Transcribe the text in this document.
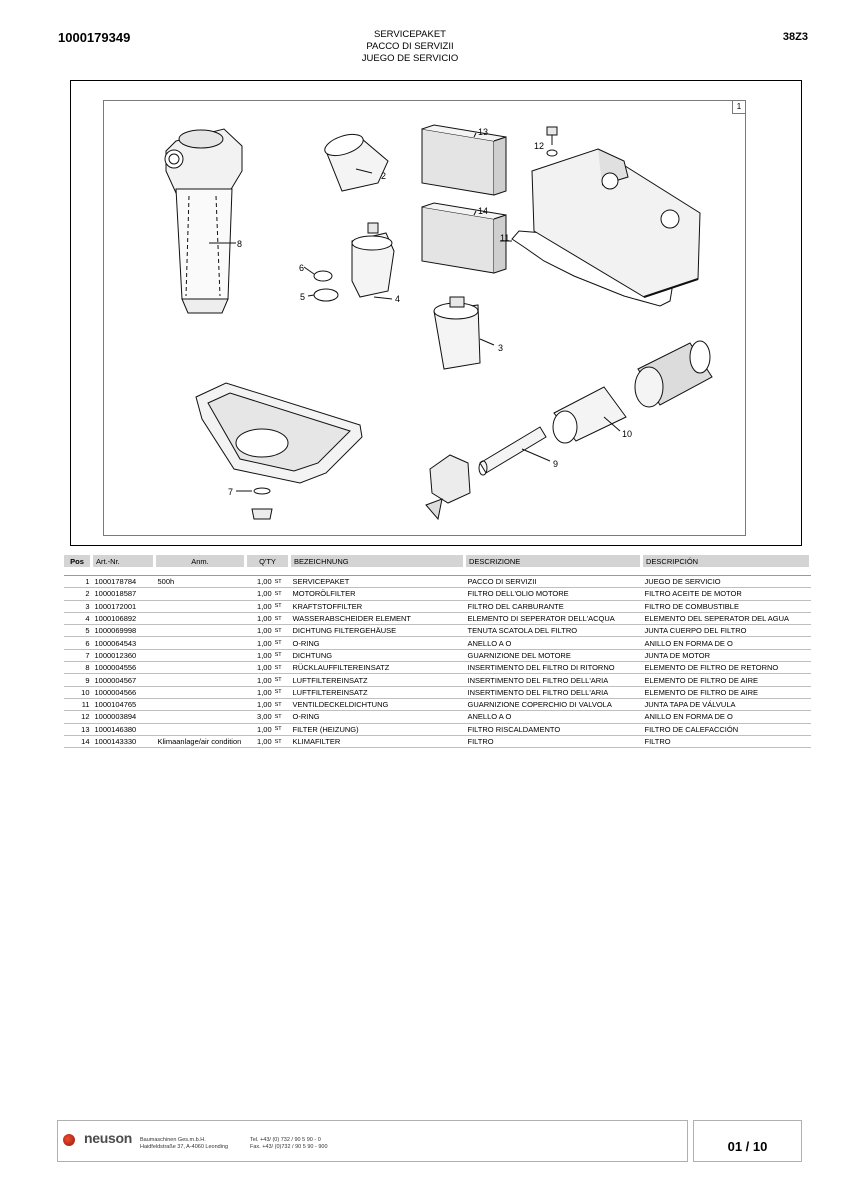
1000179349	SERVICEPAKET
PACCO DI SERVIZII
JUEGO DE SERVICIO
38Z3
1
8
2
3
4
5
6
7
9
10
11
12
13
14
Pos	Art.-Nr.	Anm.	Q'TY		BEZEICHNUNG	DESCRIZIONE	DESCRIPCIÓN

1	1000178784	500h	1,00	ST	SERVICEPAKET	PACCO DI SERVIZII	JUEGO DE SERVICIO
2	1000018587		1,00	ST	MOTORÖLFILTER	FILTRO DELL'OLIO MOTORE	FILTRO ACEITE DE MOTOR
3	1000172001		1,00	ST	KRAFTSTOFFILTER	FILTRO DEL CARBURANTE	FILTRO DE COMBUSTIBLE
4	1000106892		1,00	ST	WASSERABSCHEIDER ELEMENT	ELEMENTO DI SEPERATOR DELL'ACQUA	ELEMENTO DEL SEPERATOR DEL AGUA
5	1000069998		1,00	ST	DICHTUNG FILTERGEHÄUSE	TENUTA SCATOLA DEL FILTRO	JUNTA CUERPO DEL FILTRO
6	1000064543		1,00	ST	O-RING	ANELLO A O	ANILLO EN FORMA DE O
7	1000012360		1,00	ST	DICHTUNG	GUARNIZIONE DEL MOTORE	JUNTA DE MOTOR
8	1000004556		1,00	ST	RÜCKLAUFFILTEREINSATZ	INSERTIMENTO DEL FILTRO DI RITORNO	ELEMENTO DE FILTRO DE RETORNO
9	1000004567		1,00	ST	LUFTFILTEREINSATZ	INSERTIMENTO DEL FILTRO DELL'ARIA	ELEMENTO DE FILTRO DE AIRE
10	1000004566		1,00	ST	LUFTFILTEREINSATZ	INSERTIMENTO DEL FILTRO DELL'ARIA	ELEMENTO DE FILTRO DE AIRE
11	1000104765		1,00	ST	VENTILDECKELDICHTUNG	GUARNIZIONE COPERCHIO DI VALVOLA	JUNTA TAPA DE VÁLVULA
12	1000003894		3,00	ST	O-RING	ANELLO A O	ANILLO EN FORMA DE O
13	1000146380		1,00	ST	FILTER (HEIZUNG)	FILTRO RISCALDAMENTO	FILTRO DE CALEFACCIÓN
14	1000143330	Klimaanlage/air condition	1,00	ST	KLIMAFILTER	FILTRO	FILTRO
neuson Baumaschinen Ges.m.b.H.
Haidfeldstraße 37, A-4060 Leonding
Tel. +43/ (0) 732 / 90 5 90 - 0
Fax. +43/ (0)732 / 90 5 90 - 900	01 / 10
